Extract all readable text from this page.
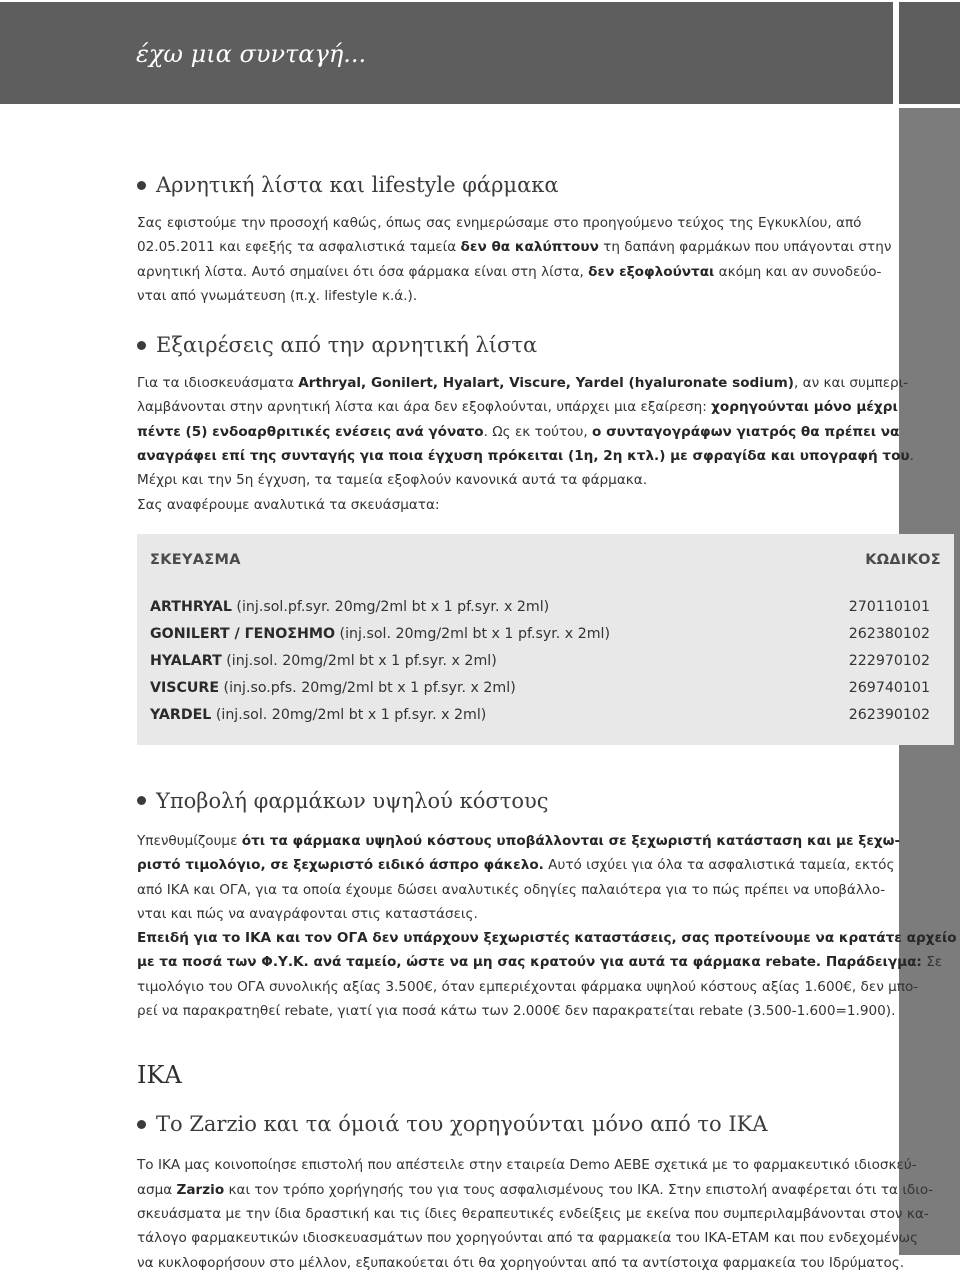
έχω μια συνταγή...
Αρνητική λίστα και lifestyle φάρμακα

Σας εφιστούμε την προσοχή καθώς, όπως σας ενημερώσαμε στο προηγούμενο τεύχος της Εγκυκλίου, από
02.05.2011 και εφεξής τα ασφαλιστικά ταμεία δεν θα καλύπτουν τη δαπάνη φαρμάκων που υπάγονται στην
αρνητική λίστα. Αυτό σημαίνει ότι όσα φάρμακα είναι στη λίστα, δεν εξοφλούνται ακόμη και αν συνοδεύο-
νται από γνωμάτευση (π.χ. lifestyle κ.ά.).

Εξαιρέσεις από την αρνητική λίστα

Για τα ιδιοσκευάσματα Arthryal, Gonilert, Hyalart, Viscure, Yardel (hyaluronate sodium), αν και συμπερι-
λαμβάνονται στην αρνητική λίστα και άρα δεν εξοφλούνται, υπάρχει μια εξαίρεση: χορηγούνται μόνο μέχρι
πέντε (5) ενδοαρθριτικές ενέσεις ανά γόνατο. Ως εκ τούτου, ο συνταγογράφων γιατρός θα πρέπει να
αναγράφει επί της συνταγής για ποια έγχυση πρόκειται (1η, 2η κτλ.) με σφραγίδα και υπογραφή του.
Μέχρι και την 5η έγχυση, τα ταμεία εξοφλούν κανονικά αυτά τα φάρμακα.
Σας αναφέρουμε αναλυτικά τα σκευάσματα:

ΣΚΕΥΑΣΜΑ	ΚΩΔΙΚΟΣ
ARTHRYAL (inj.sol.pf.syr. 20mg/2ml bt x 1 pf.syr. x 2ml)	270110101
GONILERT / ΓΕΝΟΣΗΜΟ (inj.sol. 20mg/2ml bt x 1 pf.syr. x 2ml)	262380102
HYALART (inj.sol. 20mg/2ml bt x 1 pf.syr. x 2ml)	222970102
VISCURE (inj.so.pfs. 20mg/2ml bt x 1 pf.syr. x 2ml)	269740101
YARDEL (inj.sol. 20mg/2ml bt x 1 pf.syr. x 2ml)	262390102
Υποβολή φαρμάκων υψηλού κόστους

Υπενθυμίζουμε ότι τα φάρμακα υψηλού κόστους υποβάλλονται σε ξεχωριστή κατάσταση και με ξεχω-
ριστό τιμολόγιο, σε ξεχωριστό ειδικό άσπρο φάκελο. Αυτό ισχύει για όλα τα ασφαλιστικά ταμεία, εκτός
από ΙΚΑ και ΟΓΑ, για τα οποία έχουμε δώσει αναλυτικές οδηγίες παλαιότερα για το πώς πρέπει να υποβάλλο-
νται και πώς να αναγράφονται στις καταστάσεις.
Επειδή για το ΙΚΑ και τον ΟΓΑ δεν υπάρχουν ξεχωριστές καταστάσεις, σας προτείνουμε να κρατάτε αρχείο
με τα ποσά των Φ.Υ.Κ. ανά ταμείο, ώστε να μη σας κρατούν για αυτά τα φάρμακα rebate. Παράδειγμα: Σε
τιμολόγιο του ΟΓΑ συνολικής αξίας 3.500€, όταν εμπεριέχονται φάρμακα υψηλού κόστους αξίας 1.600€, δεν μπο-
ρεί να παρακρατηθεί rebate, γιατί για ποσά κάτω των 2.000€ δεν παρακρατείται rebate (3.500-1.600=1.900).

ΙΚΑ
Το Zarzio και τα όμοιά του χορηγούνται μόνο από το ΙΚΑ

Το ΙΚΑ μας κοινοποίησε επιστολή που απέστειλε στην εταιρεία Demo ΑΕΒΕ σχετικά με το φαρμακευτικό ιδιοσκεύ-
ασμα Zarzio και τον τρόπο χορήγησής του για τους ασφαλισμένους του ΙΚΑ. Στην επιστολή αναφέρεται ότι τα ιδιο-
σκευάσματα με την ίδια δραστική και τις ίδιες θεραπευτικές ενδείξεις με εκείνα που συμπεριλαμβάνονται στον κα-
τάλογο φαρμακευτικών ιδιοσκευασμάτων που χορηγούνται από τα φαρμακεία του ΙΚΑ-ΕΤΑΜ και που ενδεχομένως
να κυκλοφορήσουν στο μέλλον, εξυπακούεται ότι θα χορηγούνται από τα αντίστοιχα φαρμακεία του Ιδρύματος.
